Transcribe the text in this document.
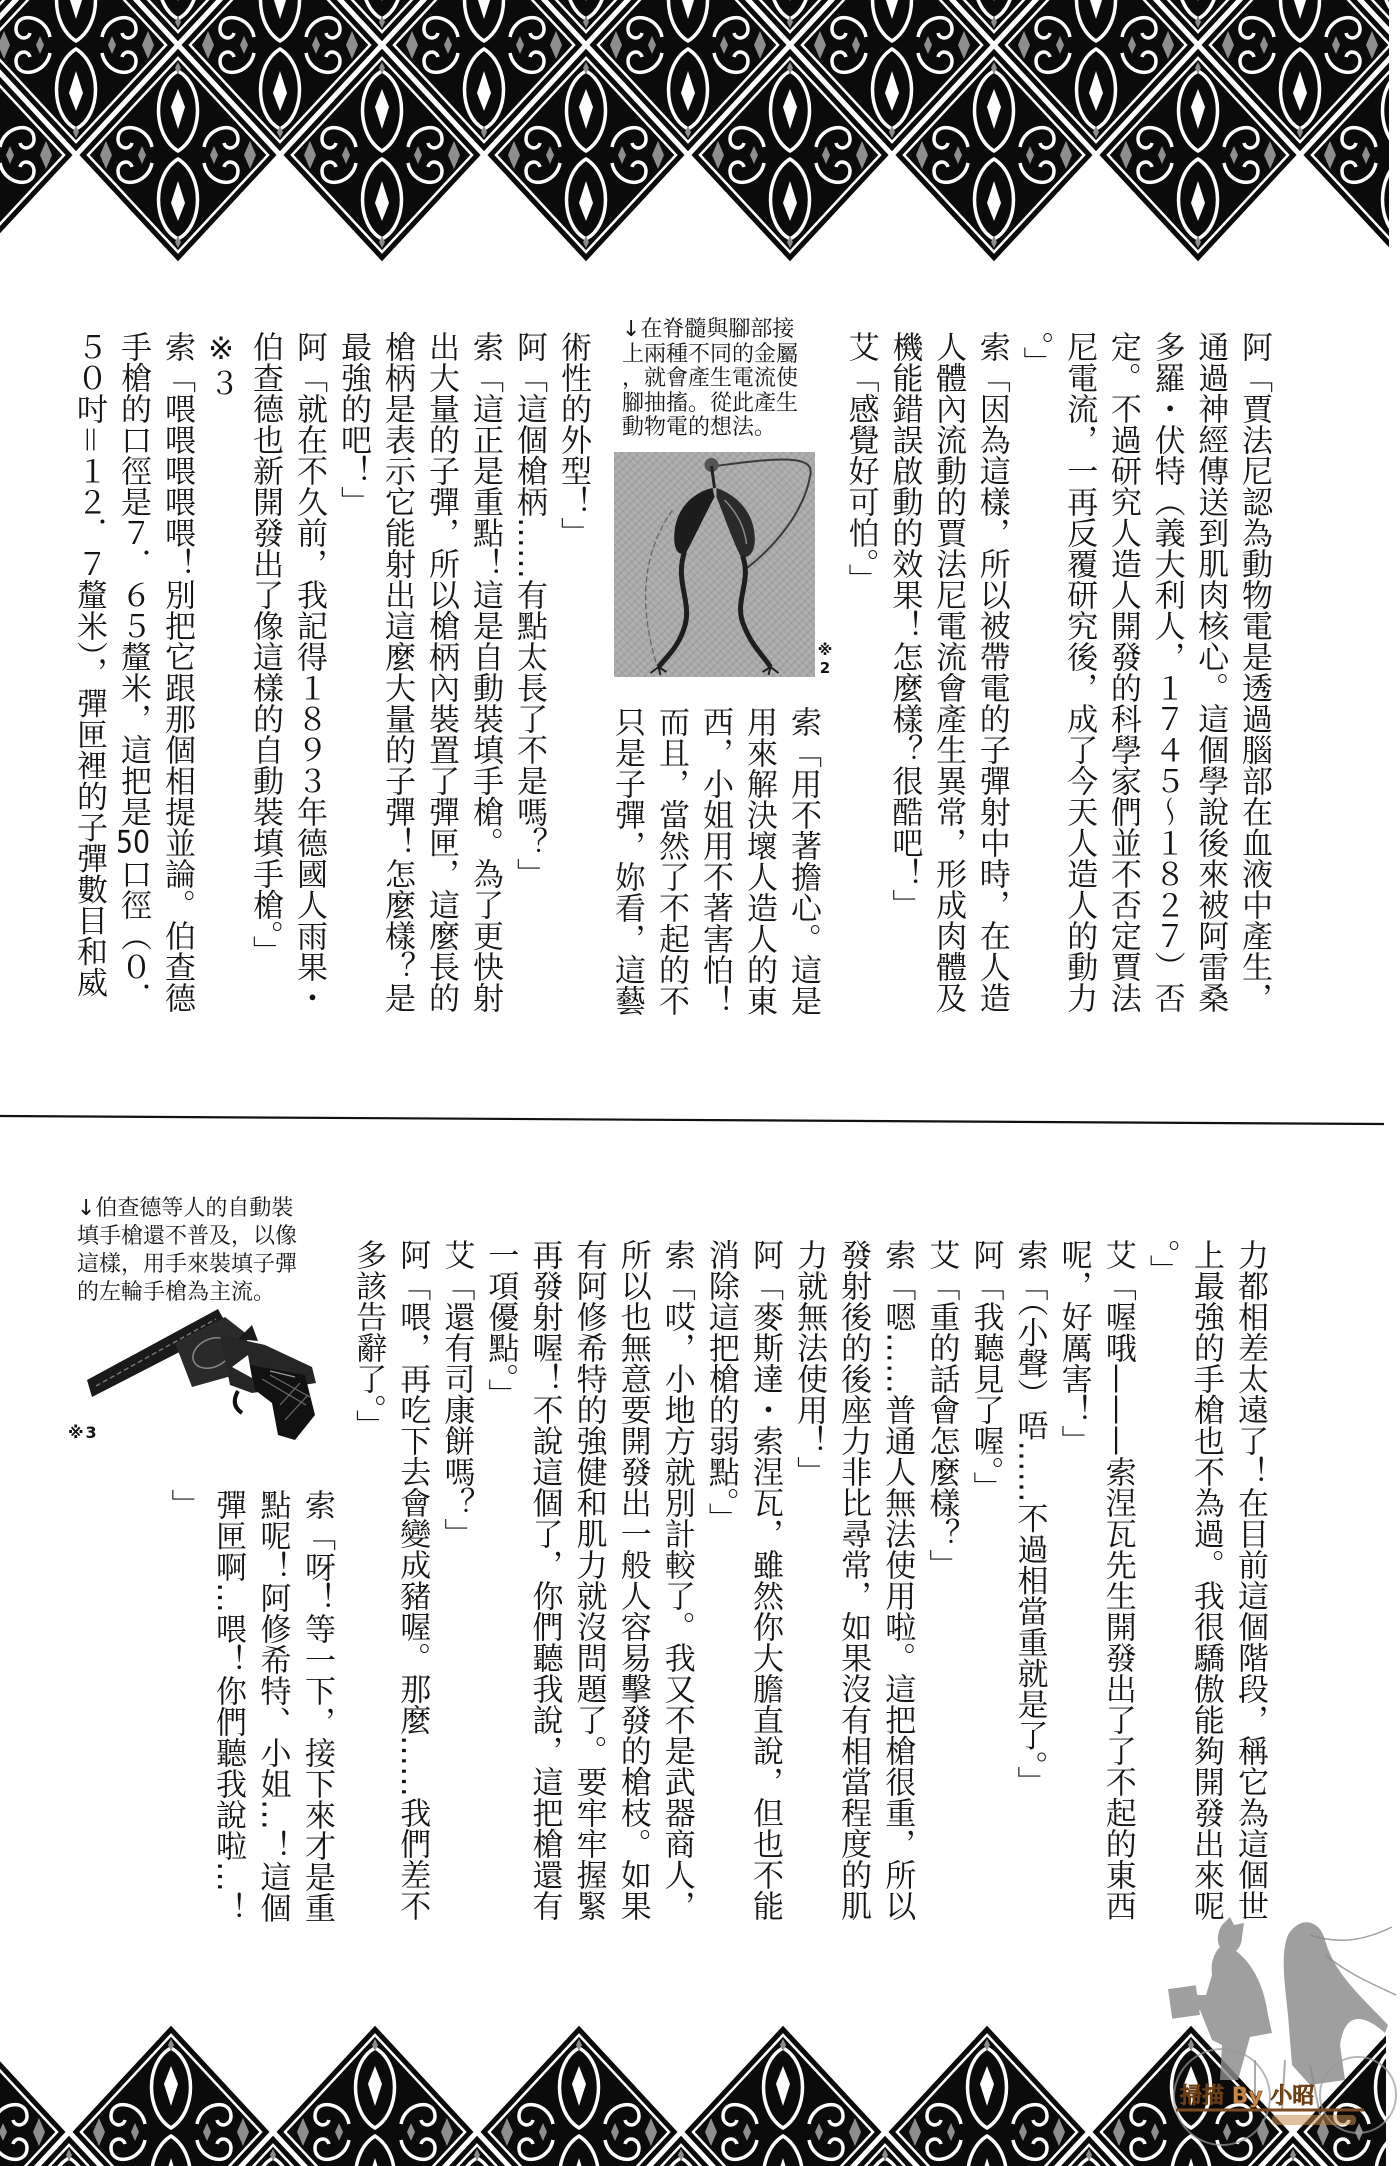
阿「賈法尼認為動物電是透過腦部在血液中產生，
通過神經傳送到肌肉核心。這個學說後來被阿雷桑
多羅・伏特（義大利人，１７４５～１８２７）否
定。不過研究人造人開發的科學家們並不否定賈法
尼電流，一再反覆研究後，成了今天人造人的動力
。」
索「因為這樣，所以被帶電的子彈射中時，在人造
人體內流動的賈法尼電流會產生異常，形成肉體及
機能錯誤啟動的效果！怎麼樣？很酷吧！」
艾「感覺好可怕。」
↓在脊髓與腳部接
上兩種不同的金屬
，就會產生電流使
腳抽搐。從此產生
動物電的想法。
※2
索「用不著擔心。這是
用來解決壞人造人的東
西，小姐用不著害怕！
而且，當然了不起的不
只是子彈，妳看，這藝
術性的外型！」
阿「這個槍柄……有點太長了不是嗎？」
索「這正是重點！這是自動裝填手槍。為了更快射
出大量的子彈，所以槍柄內裝置了彈匣，這麼長的
槍柄是表示它能射出這麼大量的子彈！怎麼樣？是
最強的吧！」
阿「就在不久前，我記得１８９３年德國人雨果・
伯查德也新開發出了像這樣的自動裝填手槍。」
※３
索「喂喂喂喂喂！別把它跟那個相提並論。伯查德
手槍的口徑是７．６５釐米，這把是50口徑（０．
５０吋＝１２．７釐米），彈匣裡的子彈數目和威
↓伯查德等人的自動裝
填手槍還不普及，以像
這樣，用手來裝填子彈
的左輪手槍為主流。
※3	力都相差太遠了！在目前這個階段，稱它為這個世
上最強的手槍也不為過。我很驕傲能夠開發出來呢
。」
艾「喔哦———索涅瓦先生開發出了了不起的東西
呢，好厲害！」
索「（小聲）唔……不過相當重就是了。」
阿「我聽見了喔。」
艾「重的話會怎麼樣？」
索「嗯……普通人無法使用啦。這把槍很重，所以
發射後的後座力非比尋常，如果沒有相當程度的肌
力就無法使用！」
阿「麥斯達・索涅瓦，雖然你大膽直說，但也不能
消除這把槍的弱點。」
索「哎，小地方就別計較了。我又不是武器商人，
所以也無意要開發出一般人容易擊發的槍枝。如果
有阿修希特的強健和肌力就沒問題了。要牢牢握緊
再發射喔！不說這個了，你們聽我說，這把槍還有
一項優點。」
艾「還有司康餅嗎？」
阿「喂，再吃下去會變成豬喔。那麼……我們差不
多該告辭了。」
索「呀！等一下，接下來才是重
點呢！阿修希特、小姐…！這個
彈匣啊…喂！你們聽我說啦…！
」
掃描 By 小昭
